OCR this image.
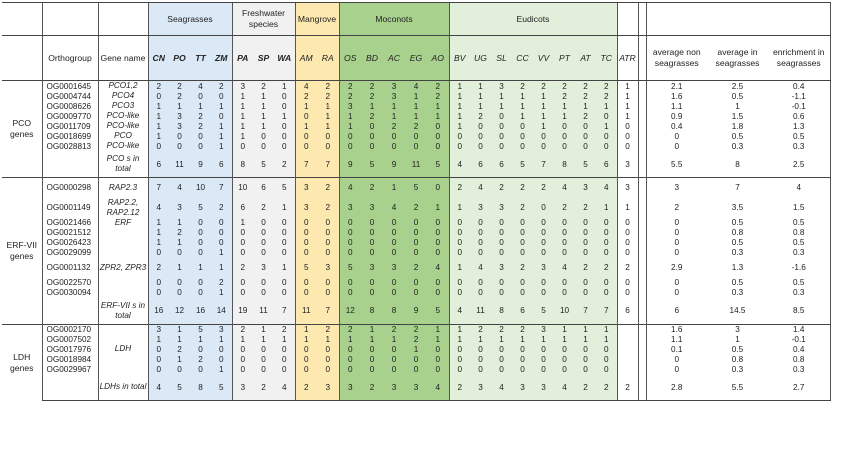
			Seagrasses				Freshwater species			Mangrove		Moconots					Eudicots												
	Orthogroup	Gene name	CN	PO	TT	ZM	PA	SP	WA	AM	RA	OS	BD	AC	EG	AO	BV	UG	SL	CC	VV	PT	AT	TC	ATR		average non seagrasses	average in seagrasses	enrichment in seagrasses
PCO genes	OG0001645	PCO1,2	2	2	4	2	3	2	1	4	2	2	2	3	4	2	1	1	3	2	2	2	2	2	1		2.1	2.5	0.4
	OG0004744	PCO4	0	2	0	0	1	1	0	2	2	2	2	3	1	2	1	1	1	1	1	2	2	2	1		1.6	0.5	-1.1
	OG0008626	PCO3	1	1	1	1	1	1	0	1	1	3	1	1	1	1	1	1	1	1	1	1	1	1	1		1.1	1	-0.1
	OG0009770	PCO-like	1	3	2	0	1	1	1	0	1	1	2	1	1	1	1	2	0	1	1	1	2	0	1		0.9	1.5	0.6
	OG0011709	PCO-like	1	3	2	1	1	1	0	1	1	1	0	2	2	0	1	0	0	0	1	0	0	1	0		0.4	1.8	1.3
	OG0018699	PCO	1	0	0	1	1	0	0	0	0	0	0	0	0	0	0	0	0	0	0	0	0	0	0		0	0.5	0.5
	OG0028813	PCO-like	0	0	0	1	0	0	0	0	0	0	0	0	0	0	0	0	0	0	0	0	0	0	0		0	0.3	0.3
		PCO s in total	6	11	9	6	8	5	2	7	7	9	5	9	11	5	4	6	6	5	7	8	5	6	3		5.5	8	2.5
ERF-VII genes	OG0000298	RAP2.3	7	4	10	7	10	6	5	3	2	4	2	1	5	0	2	4	2	2	2	4	3	4	3		3	7	4
	OG0001149	RAP2.2, RAP2.12	4	3	5	2	6	2	1	3	2	3	3	4	2	1	1	3	3	2	0	2	2	1	1		2	3.5	1.5
	OG0021466	ERF	1	1	0	0	1	0	0	0	0	0	0	0	0	0	0	0	0	0	0	0	0	0	0		0	0.5	0.5
	OG0021512		1	2	0	0	0	0	0	0	0	0	0	0	0	0	0	0	0	0	0	0	0	0	0		0	0.8	0.8
	OG0026423		1	1	0	0	0	0	0	0	0	0	0	0	0	0	0	0	0	0	0	0	0	0	0		0	0.5	0.5
	OG0029099		0	0	0	1	0	0	0	0	0	0	0	0	0	0	0	0	0	0	0	0	0	0	0		0	0.3	0.3
	OG0001132	ZPR2, ZPR3	2	1	1	1	2	3	1	5	3	5	3	3	2	4	1	4	3	2	3	4	2	2	2		2.9	1.3	-1.6
	OG0022570		0	0	0	2	0	0	0	0	0	0	0	0	0	0	0	0	0	0	0	0	0	0	0		0	0.5	0.5
	OG0030094		0	0	0	1	0	0	0	0	0	0	0	0	0	0	0	0	0	0	0	0	0	0	0		0	0.3	0.3
		ERF-VII s in total	16	12	16	14	19	11	7	11	7	12	8	8	9	5	4	11	8	6	5	10	7	7	6		6	14.5	8.5
LDH genes	OG0002170		3	1	5	3	2	1	2	1	2	2	1	2	2	1	1	2	2	2	3	1	1	1			1.6	3	1.4
	OG0007502		1	1	1	1	1	1	1	1	1	1	1	1	2	1	1	1	1	1	1	1	1	1			1.1	1	-0.1
	OG0017976	LDH	0	2	0	0	0	0	0	0	0	0	0	0	1	0	0	0	0	0	0	0	0	0			0.1	0.5	0.4
	OG0018984		0	1	2	0	0	0	0	0	0	0	0	0	0	0	0	0	0	0	0	0	0	0			0	0.8	0.8
	OG0029967		0	0	0	1	0	0	0	0	0	0	0	0	0	0	0	0	0	0	0	0	0	0			0	0.3	0.3
		LDHs in total	4	5	8	5	3	2	4	2	3	3	2	3	3	4	2	3	4	3	3	4	2	2	2		2.8	5.5	2.7
